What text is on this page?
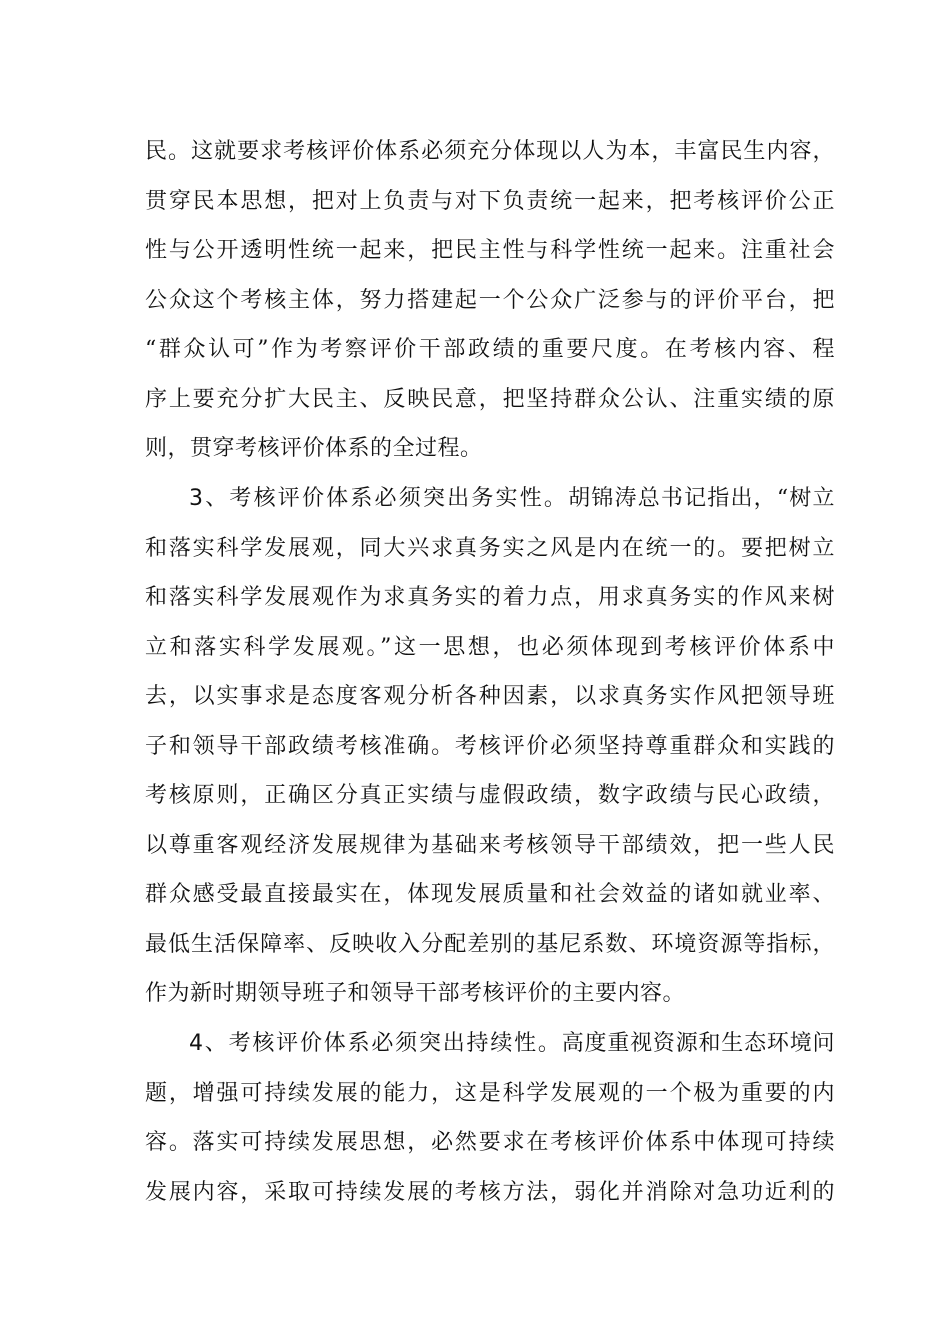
民。这就要求考核评价体系必须充分体现以人为本，丰富民生内容，
贯穿民本思想，把对上负责与对下负责统一起来，把考核评价公正
性与公开透明性统一起来，把民主性与科学性统一起来。注重社会
公众这个考核主体，努力搭建起一个公众广泛参与的评价平台，把
“群众认可”作为考察评价干部政绩的重要尺度。在考核内容、程
序上要充分扩大民主、反映民意，把坚持群众公认、注重实绩的原
则，贯穿考核评价体系的全过程。
3、考核评价体系必须突出务实性。胡锦涛总书记指出，“树立
和落实科学发展观，同大兴求真务实之风是内在统一的。要把树立
和落实科学发展观作为求真务实的着力点，用求真务实的作风来树
立和落实科学发展观。”这一思想，也必须体现到考核评价体系中
去，以实事求是态度客观分析各种因素，以求真务实作风把领导班
子和领导干部政绩考核准确。考核评价必须坚持尊重群众和实践的
考核原则，正确区分真正实绩与虚假政绩，数字政绩与民心政绩，
以尊重客观经济发展规律为基础来考核领导干部绩效，把一些人民
群众感受最直接最实在，体现发展质量和社会效益的诸如就业率、
最低生活保障率、反映收入分配差别的基尼系数、环境资源等指标，
作为新时期领导班子和领导干部考核评价的主要内容。
4、考核评价体系必须突出持续性。高度重视资源和生态环境问
题，增强可持续发展的能力，这是科学发展观的一个极为重要的内
容。落实可持续发展思想，必然要求在考核评价体系中体现可持续
发展内容，采取可持续发展的考核方法，弱化并消除对急功近利的
